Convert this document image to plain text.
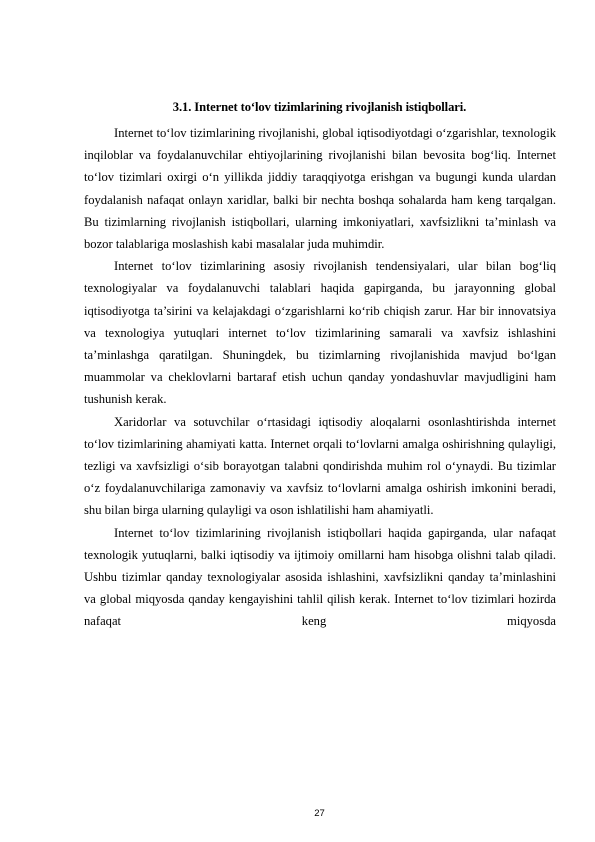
3.1. Internet to‘lov tizimlarining rivojlanish istiqbollari.

Internet to‘lov tizimlarining rivojlanishi, global iqtisodiyotdagi o‘zgarishlar, texnologik inqiloblar va foydalanuvchilar ehtiyojlarining rivojlanishi bilan bevosita bog‘liq. Internet to‘lov tizimlari oxirgi o‘n yillikda jiddiy taraqqiyotga erishgan va bugungi kunda ulardan foydalanish nafaqat onlayn xaridlar, balki bir nechta boshqa sohalarda ham keng tarqalgan. Bu tizimlarning rivojlanish istiqbollari, ularning imkoniyatlari, xavfsizlikni ta’minlash va bozor talablariga moslashish kabi masalalar juda muhimdir.

Internet to‘lov tizimlarining asosiy rivojlanish tendensiyalari, ular bilan bog‘liq texnologiyalar va foydalanuvchi talablari haqida gapirganda, bu jarayonning global iqtisodiyotga ta’sirini va kelajakdagi o‘zgarishlarni ko‘rib chiqish zarur. Har bir innovatsiya va texnologiya yutuqlari internet to‘lov tizimlarining samarali va xavfsiz ishlashini ta’minlashga qaratilgan. Shuningdek, bu tizimlarning rivojlanishida mavjud bo‘lgan muammolar va cheklovlarni bartaraf etish uchun qanday yondashuvlar mavjudligini ham tushunish kerak.

Xaridorlar va sotuvchilar o‘rtasidagi iqtisodiy aloqalarni osonlashtirishda internet to‘lov tizimlarining ahamiyati katta. Internet orqali to‘lovlarni amalga oshirishning qulayligi, tezligi va xavfsizligi o‘sib borayotgan talabni qondirishda muhim rol o‘ynaydi. Bu tizimlar o‘z foydalanuvchilariga zamonaviy va xavfsiz to‘lovlarni amalga oshirish imkonini beradi, shu bilan birga ularning qulayligi va oson ishlatilishi ham ahamiyatli.

Internet to‘lov tizimlarining rivojlanish istiqbollari haqida gapirganda, ular nafaqat texnologik yutuqlarni, balki iqtisodiy va ijtimoiy omillarni ham hisobga olishni talab qiladi. Ushbu tizimlar qanday texnologiyalar asosida ishlashini, xavfsizlikni qanday ta’minlashini va global miqyosda qanday kengayishini tahlil qilish kerak. Internet to‘lov tizimlari hozirda nafaqat keng miqyosda

27
